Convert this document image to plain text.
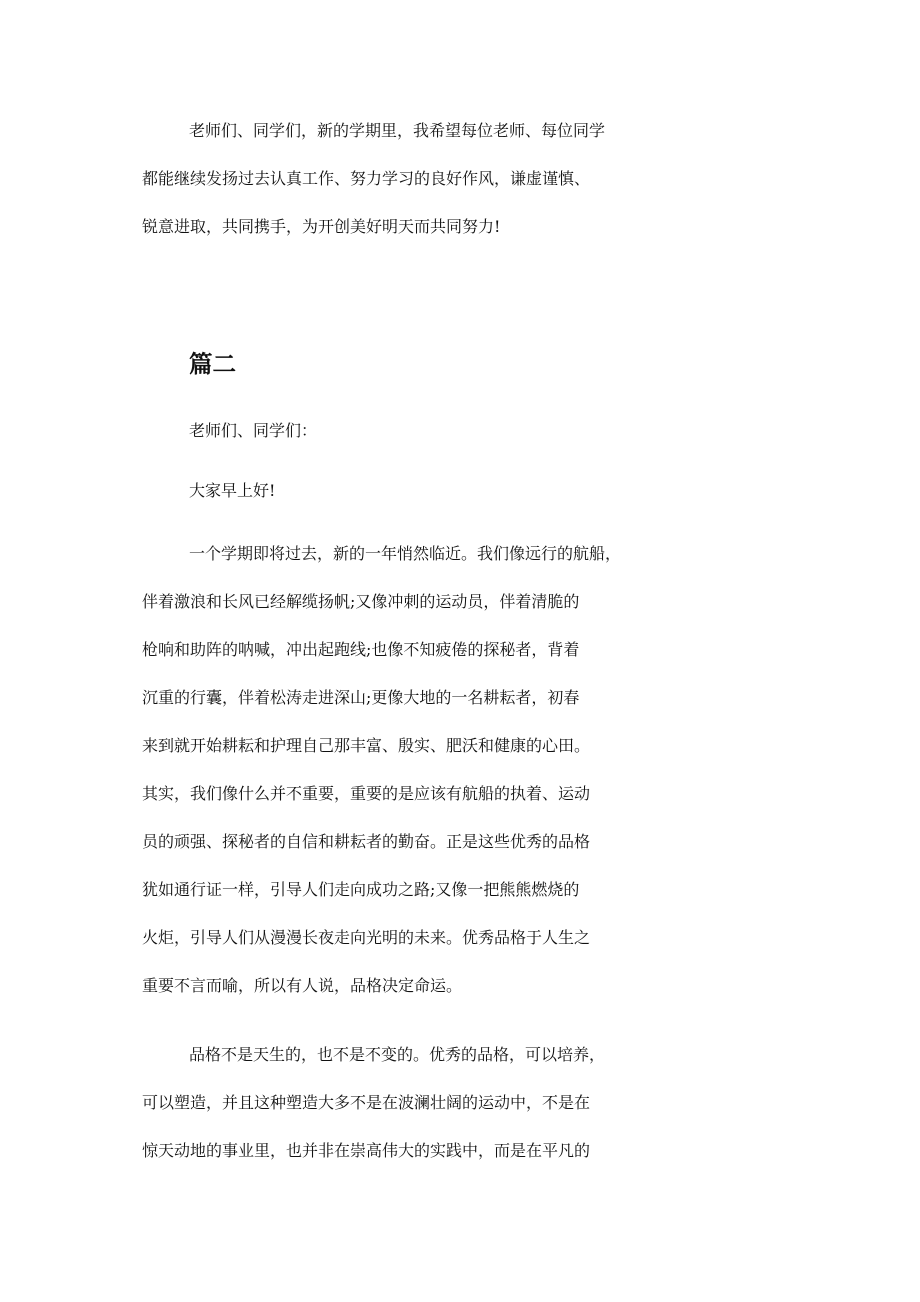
老师们、同学们，新的学期里，我希望每位老师、每位同学
都能继续发扬过去认真工作、努力学习的良好作风，谦虚谨慎、
锐意进取，共同携手，为开创美好明天而共同努力!
篇二
老师们、同学们：
大家早上好!
一个学期即将过去，新的一年悄然临近。我们像远行的航船，
伴着激浪和长风已经解缆扬帆;又像冲刺的运动员，伴着清脆的
枪响和助阵的呐喊，冲出起跑线;也像不知疲倦的探秘者，背着
沉重的行囊，伴着松涛走进深山;更像大地的一名耕耘者，初春
来到就开始耕耘和护理自己那丰富、殷实、肥沃和健康的心田。
其实，我们像什么并不重要，重要的是应该有航船的执着、运动
员的顽强、探秘者的自信和耕耘者的勤奋。正是这些优秀的品格
犹如通行证一样，引导人们走向成功之路;又像一把熊熊燃烧的
火炬，引导人们从漫漫长夜走向光明的未来。优秀品格于人生之
重要不言而喻，所以有人说，品格决定命运。
品格不是天生的，也不是不变的。优秀的品格，可以培养，
可以塑造，并且这种塑造大多不是在波澜壮阔的运动中，不是在
惊天动地的事业里，也并非在崇高伟大的实践中，而是在平凡的
